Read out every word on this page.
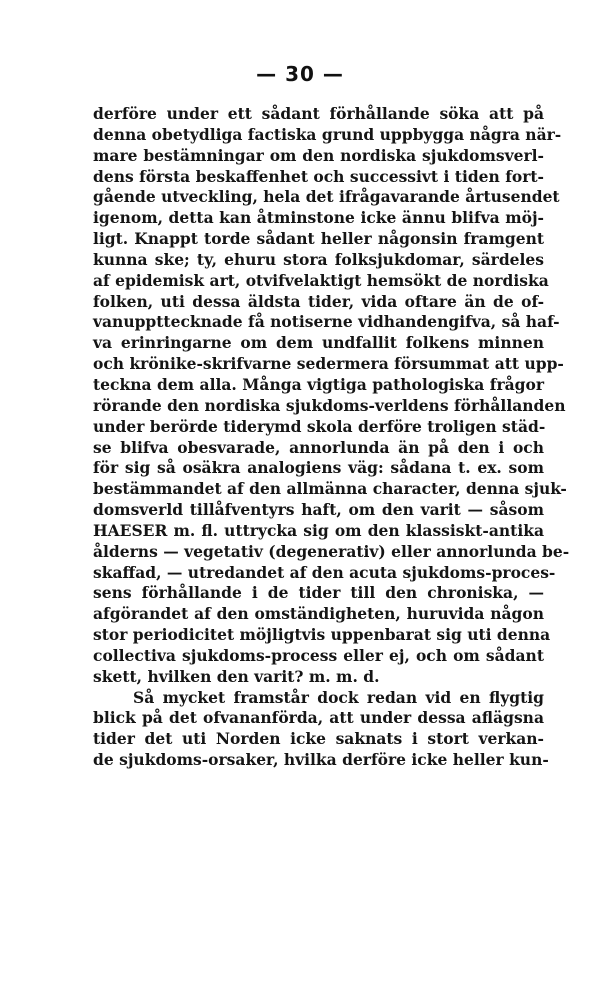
— 30 —
derföre under ett sådant förhållande söka att på
denna obetydliga factiska grund uppbygga några när-
mare bestämningar om den nordiska sjukdomsverl-
dens första beskaffenhet och successivt i tiden fort-
gående utveckling, hela det ifrågavarande årtusendet
igenom, detta kan åtminstone icke ännu blifva möj-
ligt. Knappt torde sådant heller någonsin framgent
kunna ske; ty, ehuru stora folksjukdomar, särdeles
af epidemisk art, otvifvelaktigt hemsökt de nordiska
folken, uti dessa äldsta tider, vida oftare än de of-
vanuppttecknade få notiserne vidhandengifva, så haf-
va erinringarne om dem undfallit folkens minnen
och krönike-skrifvarne sedermera försummat att upp-
teckna dem alla. Många vigtiga pathologiska frågor
rörande den nordiska sjukdoms-verldens förhållanden
under berörde tiderymd skola derföre troligen städ-
se blifva obesvarade, annorlunda än på den i och
för sig så osäkra analogiens väg: sådana t. ex. som
bestämmandet af den allmänna character, denna sjuk-
domsverld tillåfventyrs haft, om den varit — såsom
HAESER m. fl. uttrycka sig om den klassiskt-antika
ålderns — vegetativ (degenerativ) eller annorlunda be-
skaffad, — utredandet af den acuta sjukdoms-proces-
sens förhållande i de tider till den chroniska, —
afgörandet af den omständigheten, huruvida någon
stor periodicitet möjligtvis uppenbarat sig uti denna
collectiva sjukdoms-process eller ej, och om sådant
skett, hvilken den varit? m. m. d.
Så mycket framstår dock redan vid en flygtig
blick på det ofvananförda, att under dessa aflägsna
tider det uti Norden icke saknats i stort verkan-
de sjukdoms-orsaker, hvilka derföre icke heller kun-
